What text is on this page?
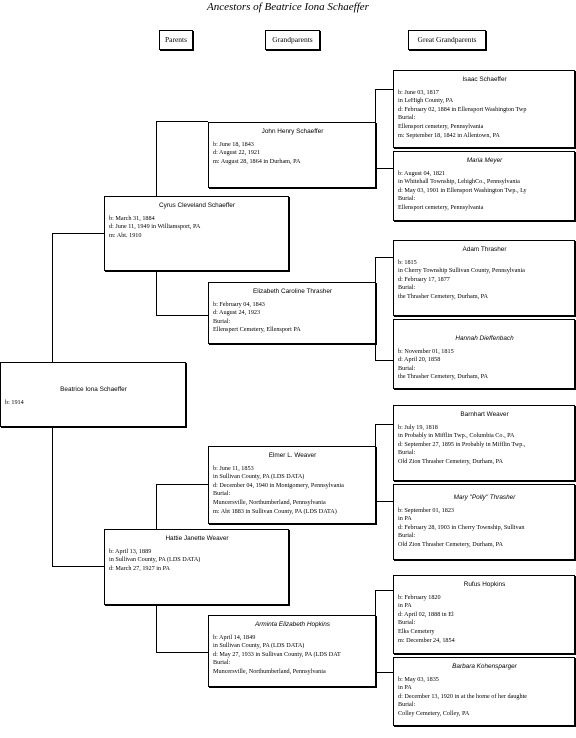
Ancestors of Beatrice Iona Schaeffer
Parents	Grandparents	Great Grandparents
Beatrice Iona Schaeffer
b: 1914
Cyrus Cleveland Schaeffer
b: March 31, 1884
d: June 11, 1949 in Williamsport, PA
m: Abt. 1910
Hattie Janette Weaver
b: April 13, 1889
in Sullivan County, PA (LDS DATA)
d: March 27, 1927 in PA
John Henry Schaeffer
b: June 18, 1843
d: August 22, 1921
m: August 28, 1864 in Durham, PA
Elizabeth Caroline Thrasher
b: February 04, 1843
d: August 24, 1923
Burial:
Ellenspert Cemetery, Ellensport PA
Elmer L. Weaver
b: June 11, 1853
in Sullivan County, PA (LDS DATA)
d: December 04, 1940 in Montgomery, Pennsylvania
Burial:
Muncersville, Northumberland, Pennsylvania
m: Abt 1883 in Sullivan County, PA (LDS DATA)
Arminta Elizabeth Hopkins
b: April 14, 1849
in Sullivan County, PA (LDS DATA)
d: May 27, 1933 in Sullivan County, PA (LDS DAT
Burial:
Muncersville, Northumberland, Pennsylvania
Isaac Schaeffer
b: June 03, 1817
in LeHigh County, PA
d: February 02, 1884 in Ellensport Washington Twp
Burial:
Ellensport cemetery, Pennsylvania
m: September 18, 1842 in Allentown, PA
Maria Meyer
b: August 04, 1821
in Whitehall Township, LehighCo., Pennsylvania
d: May 03, 1901 in Ellensport Washington Twp., Ly
Burial:
Ellensport cemetery, Pennsylvania
Adam Thrasher
b: 1815
in Cherry Township Sullivan County, Pennsylvania
d: February 17, 1877
Burial:
the Thrasher Cemetery, Durham, PA
Hannah Dieffenbach
b: November 01, 1815
d: April 20, 1858
Burial:
the Thrasher Cemetery, Durham, PA
Barnhart Weaver
b: July 19, 1818
in Probably in Mifflin Twp., Columbia Co., PA
d: September 27, 1895 in Probably in Mifflin Twp.,
Burial:
Old Zion Thrasher Cemetery, Durham, PA
Mary "Polly" Thrasher
b: September 01, 1823
in PA
d: February 28, 1903 in Cherry Township, Sullivan
Burial:
Old Zion Thrasher Cemetery, Durham, PA
Rufus Hopkins
b: February 1820
in PA
d: April 02, 1888 in El
Burial:
Elks Cemetery
m: December 24, 1854
Barbara Kohensparger
b: May 03, 1835
in PA
d: December 13, 1920 in at the home of her daughte
Burial:
Colley Cemetery, Colley, PA
